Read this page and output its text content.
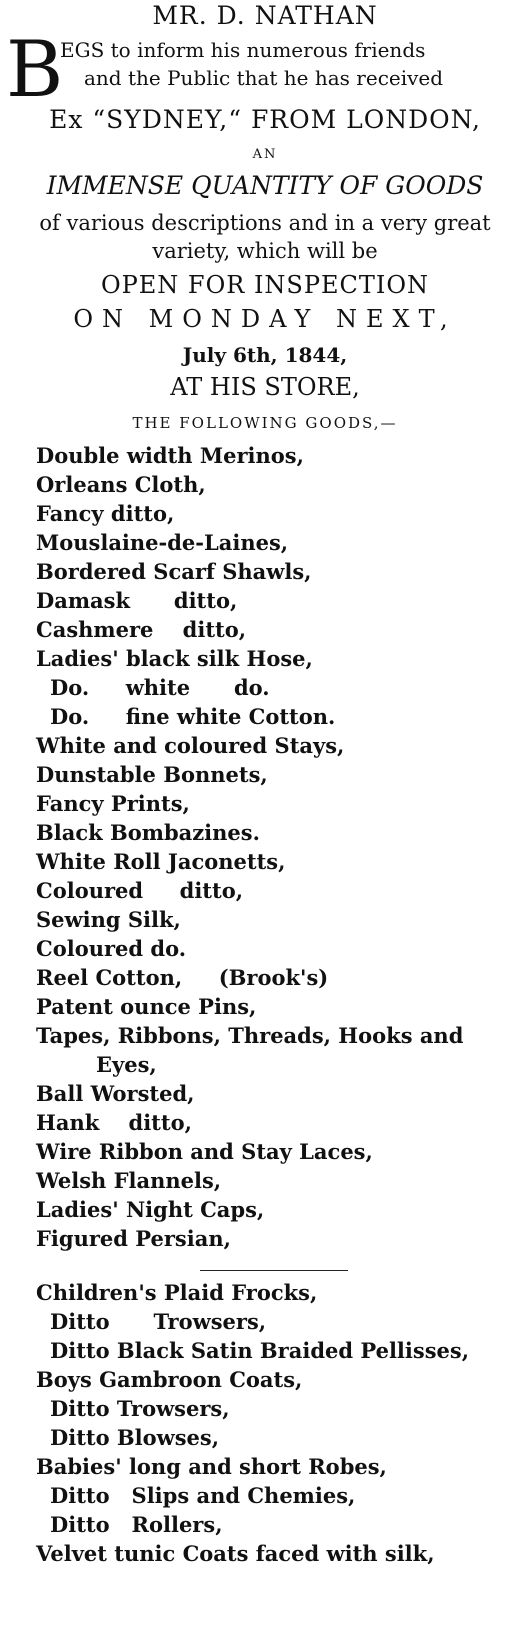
MR. D. NATHAN
B
EGS to inform his numerous friends
and the Public that he has received
Ex “SYDNEY,“ FROM LONDON,
AN
IMMENSE QUANTITY OF GOODS
of various descriptions and in a very great
variety, which will be
OPEN FOR INSPECTION
ON MONDAY NEXT,
July 6th, 1844,
AT HIS STORE,
THE FOLLOWING GOODS,—
Double width Merinos,
Orleans Cloth,
Fancy ditto,
Mouslaine-de-Laines,
Bordered Scarf Shawls,
Damask      ditto,
Cashmere    ditto,
Ladies' black silk Hose,
Do.     white      do.
Do.     fine white Cotton.
White and coloured Stays,
Dunstable Bonnets,
Fancy Prints,
Black Bombazines.
White Roll Jaconetts,
Coloured     ditto,
Sewing Silk,
Coloured do.
Reel Cotton,     (Brook's)
Patent ounce Pins,
Tapes, Ribbons, Threads, Hooks and
Eyes,
Ball Worsted,
Hank    ditto,
Wire Ribbon and Stay Laces,
Welsh Flannels,
Ladies' Night Caps,
Figured Persian,
Children's Plaid Frocks,
Ditto      Trowsers,
Ditto Black Satin Braided Pellisses,
Boys Gambroon Coats,
Ditto Trowsers,
Ditto Blowses,
Babies' long and short Robes,
Ditto   Slips and Chemies,
Ditto   Rollers,
Velvet tunic Coats faced with silk,
